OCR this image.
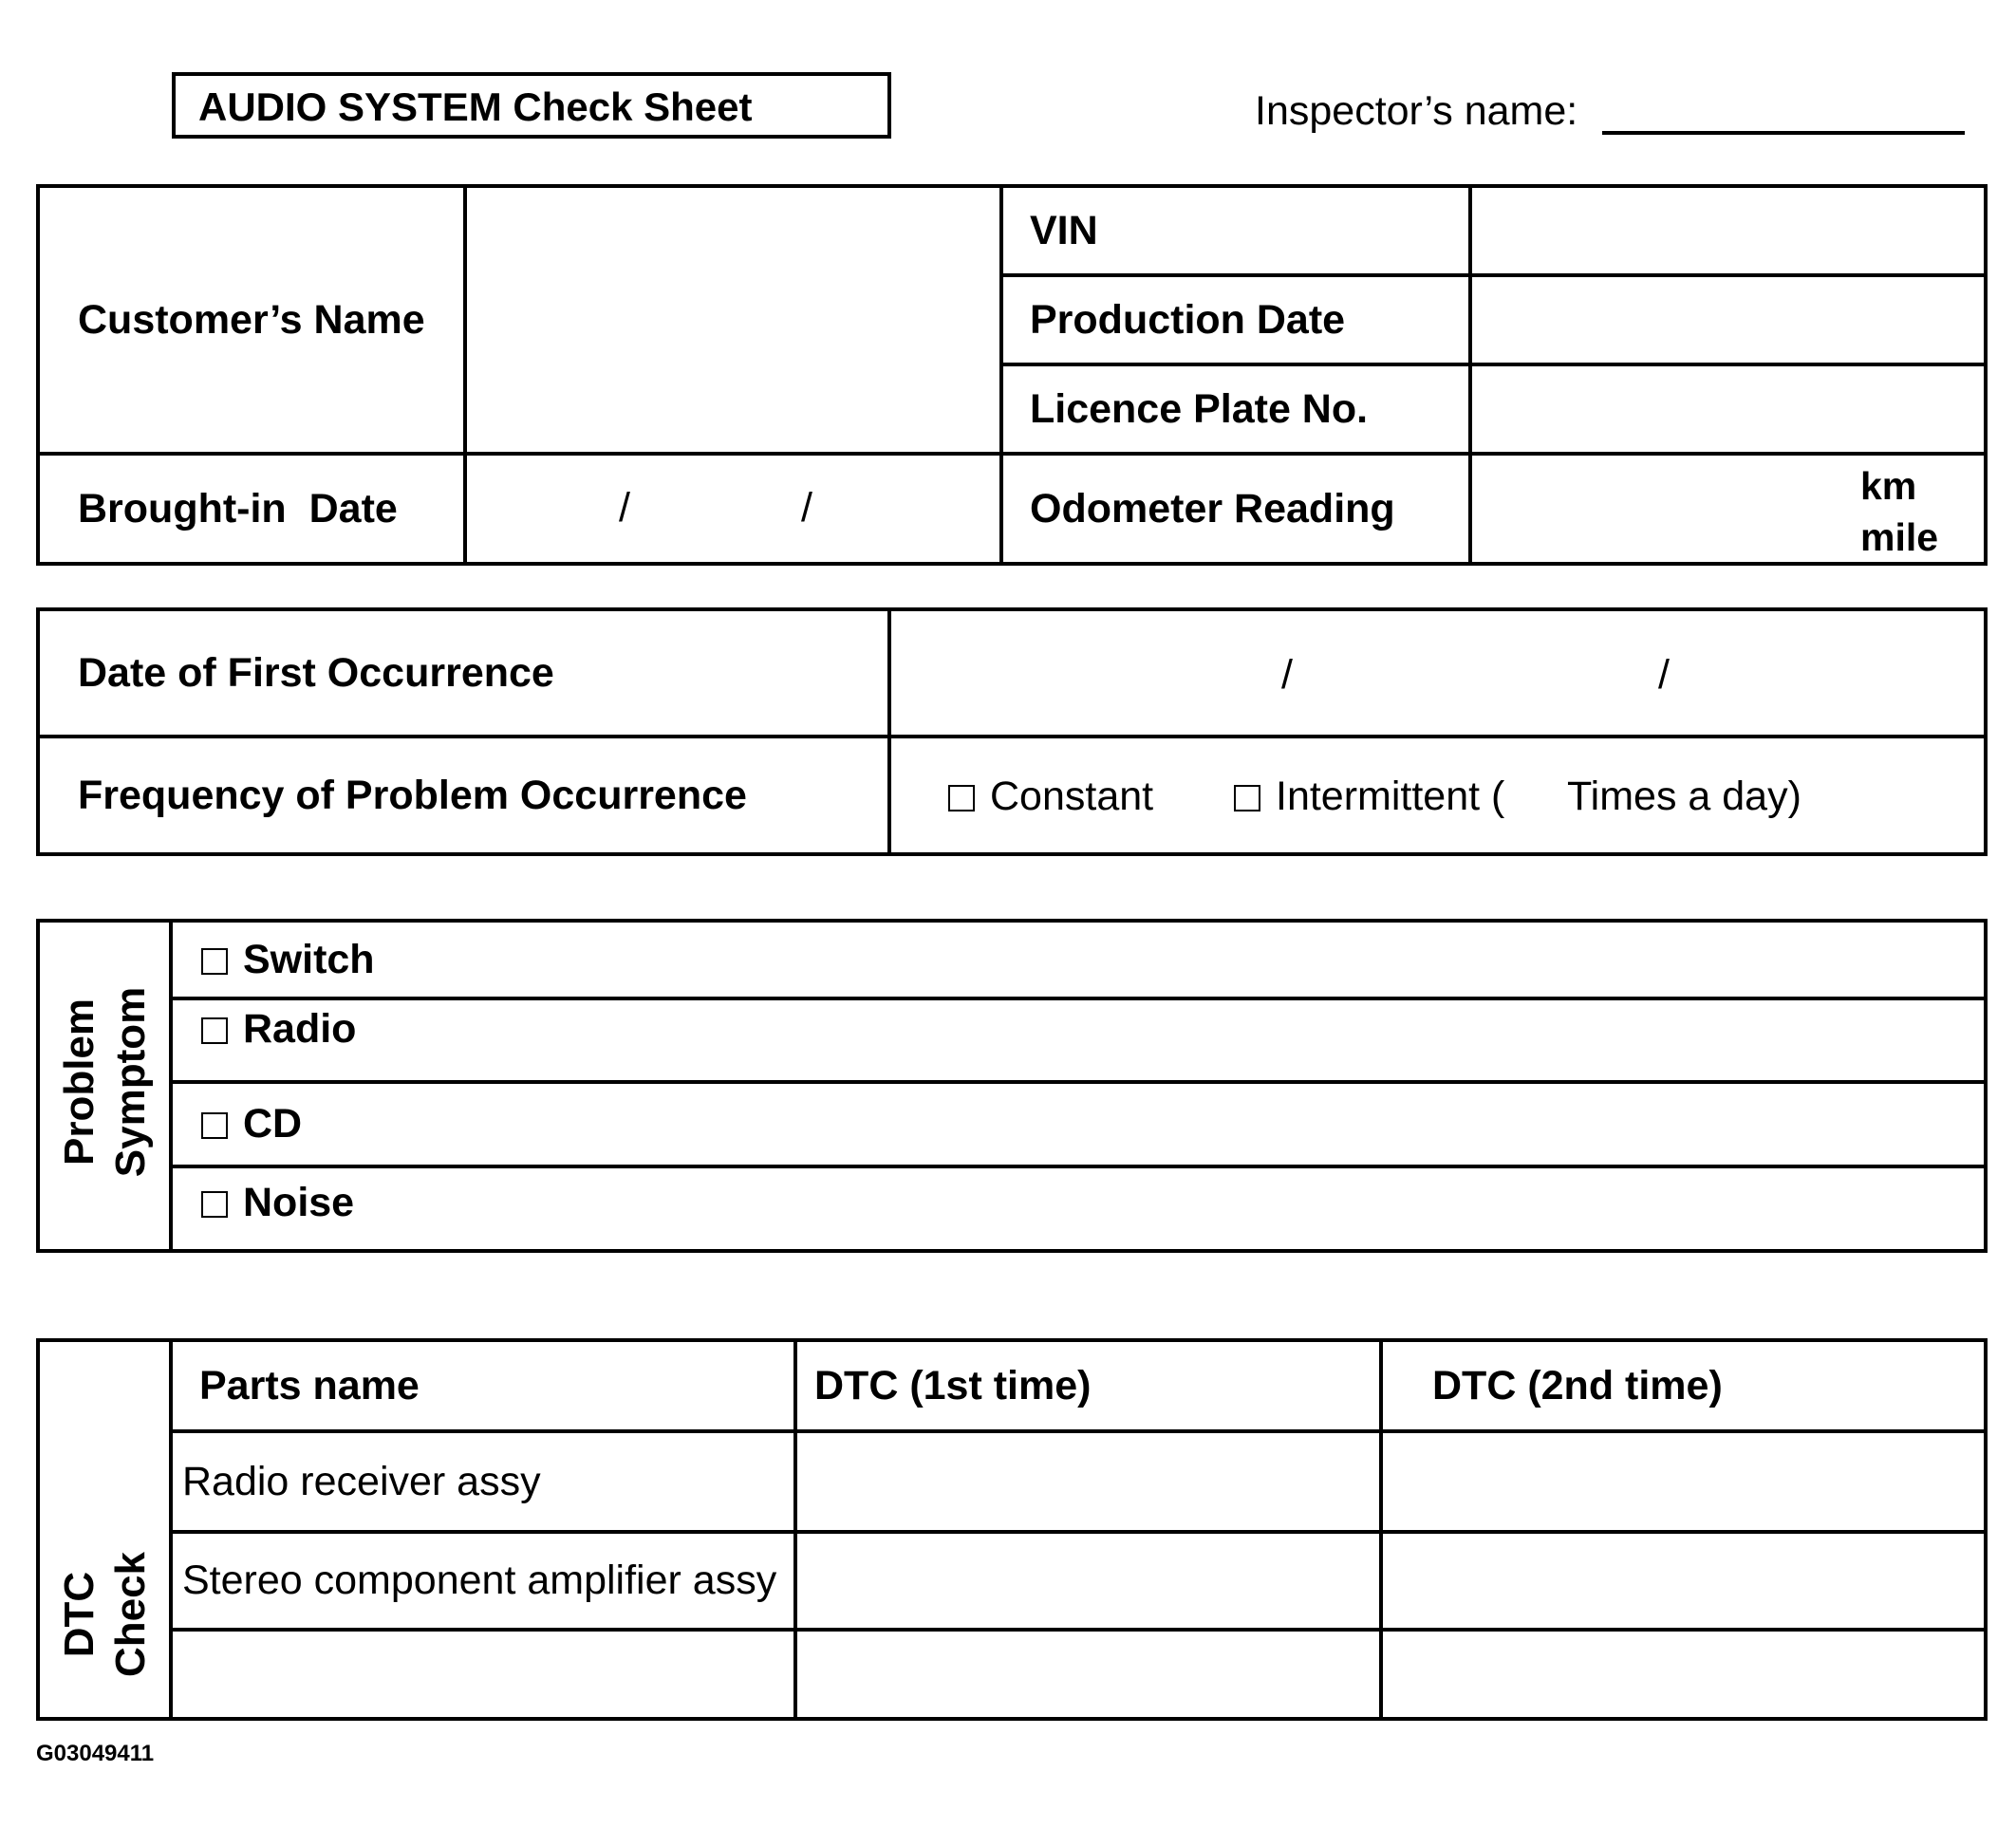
AUDIO SYSTEM Check Sheet	Inspector’s name:
Customer’s Name		VIN	
		Production Date	
		Licence Plate No.	
Brought-in  Date	/ /	Odometer Reading	km
mile
Date of First Occurrence	/ /

Frequency of Problem Occurrence	Constant Intermittent ( Times a day)
Problem Symptom
	Switch
Radio
CD
Noise
DTC Check	Parts name	DTC (1st time)	DTC (2nd time)
	Radio receiver assy		
	Stereo component amplifier assy		

G03049411
